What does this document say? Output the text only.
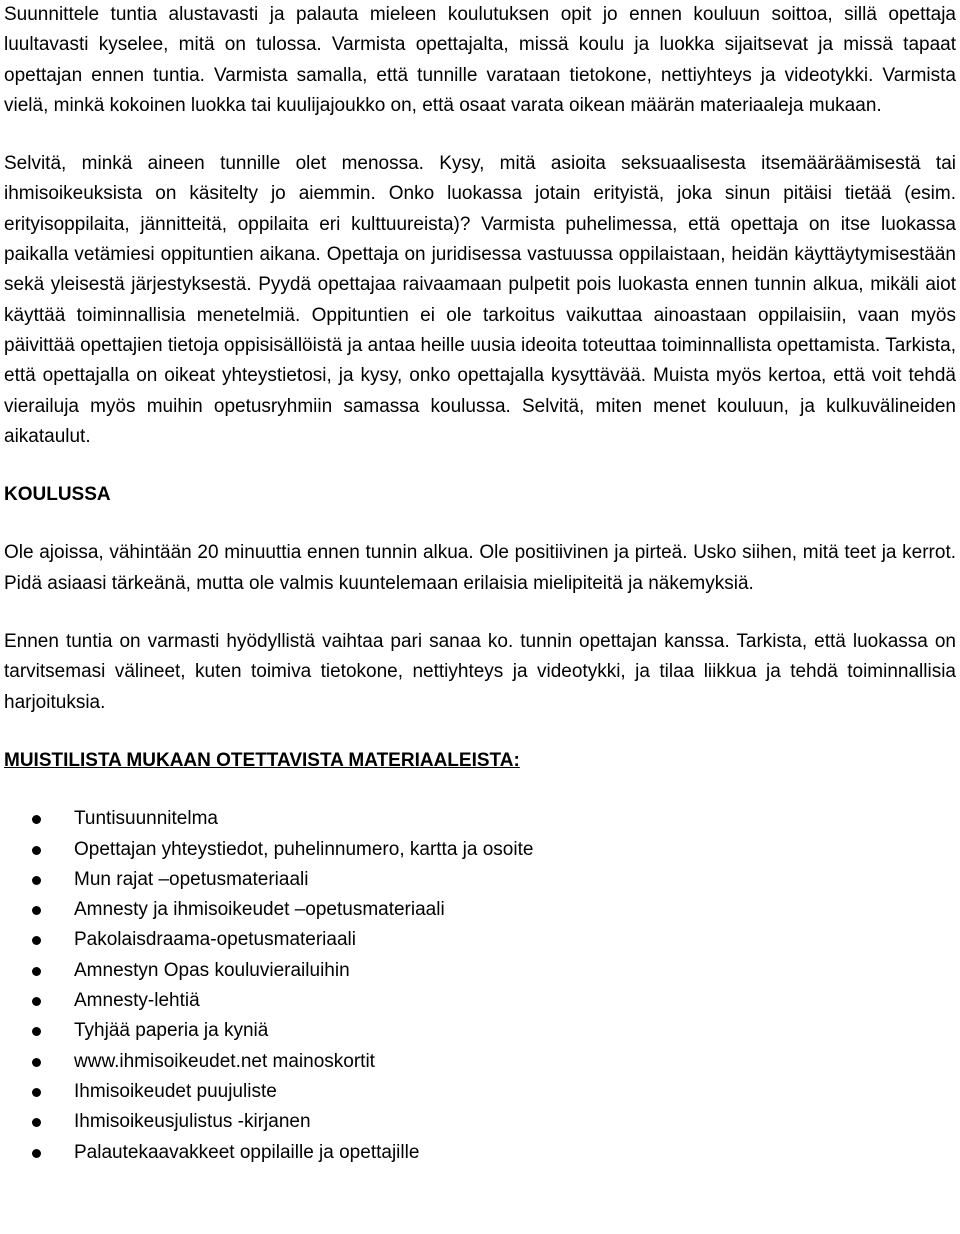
Suunnittele tuntia alustavasti ja palauta mieleen koulutuksen opit jo ennen kouluun soittoa, sillä opettaja luultavasti kyselee, mitä on tulossa. Varmista opettajalta, missä koulu ja luokka sijaitsevat ja missä tapaat opettajan ennen tuntia. Varmista samalla, että tunnille varataan tietokone, nettiyhteys ja videotykki. Varmista vielä, minkä kokoinen luokka tai kuulijajoukko on, että osaat varata oikean määrän materiaaleja mukaan.

Selvitä, minkä aineen tunnille olet menossa. Kysy, mitä asioita seksuaalisesta itsemääräämisestä tai ihmisoikeuksista on käsitelty jo aiemmin. Onko luokassa jotain erityistä, joka sinun pitäisi tietää (esim. erityisoppilaita, jännitteitä, oppilaita eri kulttuureista)? Varmista puhelimessa, että opettaja on itse luokassa paikalla vetämiesi oppituntien aikana. Opettaja on juridisessa vastuussa oppilaistaan, heidän käyttäytymisestään sekä yleisestä järjestyksestä. Pyydä opettajaa raivaamaan pulpetit pois luokasta ennen tunnin alkua, mikäli aiot käyttää toiminnallisia menetelmiä. Oppituntien ei ole tarkoitus vaikuttaa ainoastaan oppilaisiin, vaan myös päivittää opettajien tietoja oppisisällöistä ja antaa heille uusia ideoita toteuttaa toiminnallista opettamista. Tarkista, että opettajalla on oikeat yhteystietosi, ja kysy, onko opettajalla kysyttävää. Muista myös kertoa, että voit tehdä vierailuja myös muihin opetusryhmiin samassa koulussa. Selvitä, miten menet kouluun, ja kulkuvälineiden aikataulut.

KOULUSSA

Ole ajoissa, vähintään 20 minuuttia ennen tunnin alkua. Ole positiivinen ja pirteä. Usko siihen, mitä teet ja kerrot. Pidä asiaasi tärkeänä, mutta ole valmis kuuntelemaan erilaisia mielipiteitä ja näkemyksiä.

Ennen tuntia on varmasti hyödyllistä vaihtaa pari sanaa ko. tunnin opettajan kanssa. Tarkista, että luokassa on tarvitsemasi välineet, kuten toimiva tietokone, nettiyhteys ja videotykki, ja tilaa liikkua ja tehdä toiminnallisia harjoituksia.

MUISTILISTA MUKAAN OTETTAVISTA MATERIAALEISTA:

Tuntisuunnitelma
Opettajan yhteystiedot, puhelinnumero, kartta ja osoite
Mun rajat –opetusmateriaali
Amnesty ja ihmisoikeudet –opetusmateriaali
Pakolaisdraama-opetusmateriaali
Amnestyn Opas kouluvierailuihin
Amnesty-lehtiä
Tyhjää paperia ja kyniä
www.ihmisoikeudet.net mainoskortit
Ihmisoikeudet puujuliste
Ihmisoikeusjulistus -kirjanen
Palautekaavakkeet oppilaille ja opettajille
